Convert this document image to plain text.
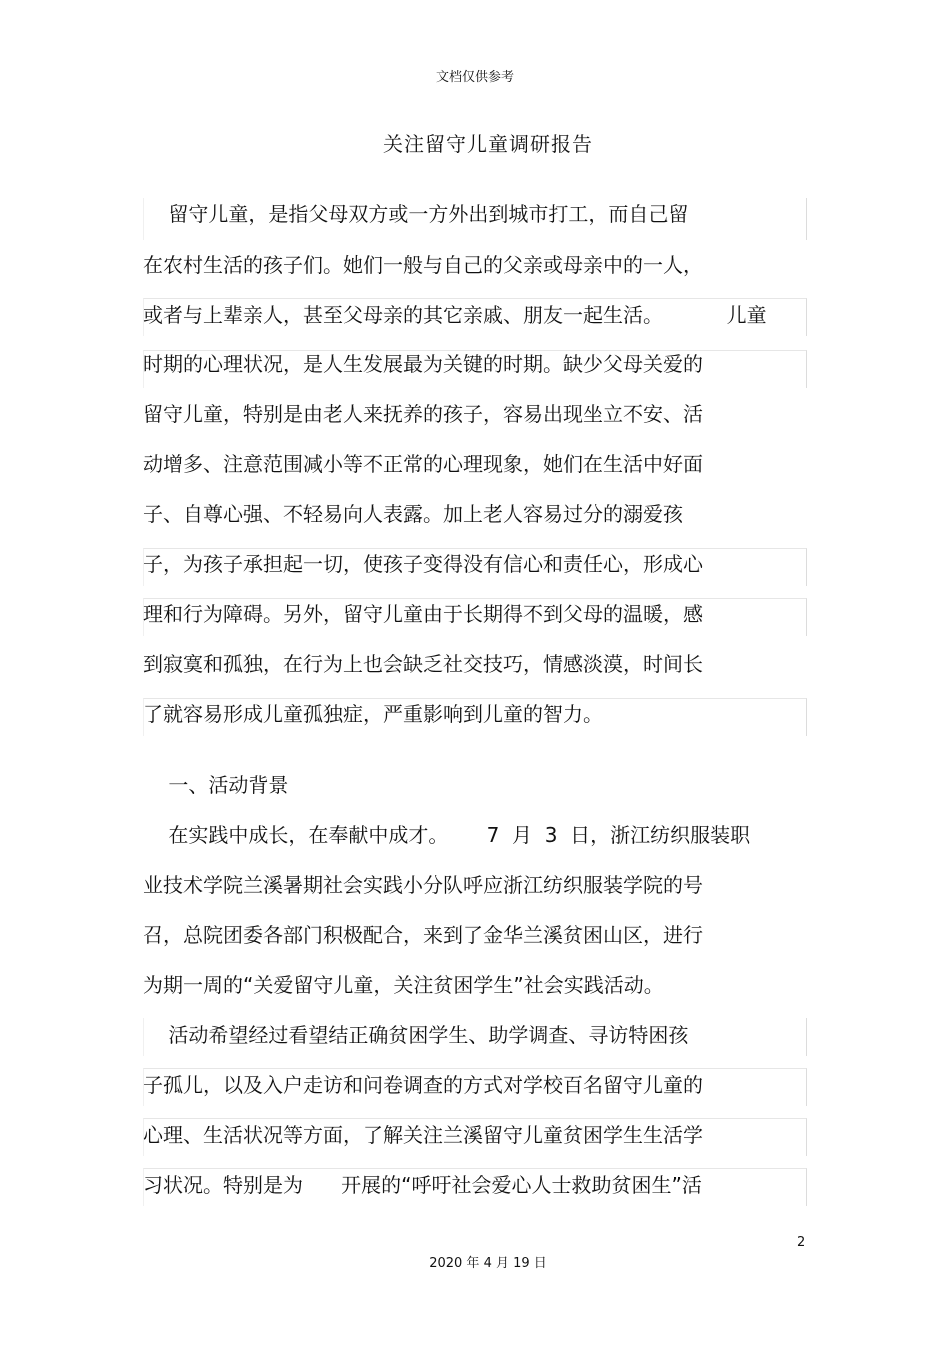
文档仅供参考
关注留守儿童调研报告
留守儿童，是指父母双方或一方外出到城市打工，而自己留
在农村生活的孩子们。她们一般与自己的父亲或母亲中的一人，
或者与上辈亲人，甚至父母亲的其它亲戚、朋友一起生活。          儿童
时期的心理状况，是人生发展最为关键的时期。缺少父母关爱的
留守儿童，特别是由老人来抚养的孩子，容易出现坐立不安、活
动增多、注意范围减小等不正常的心理现象，她们在生活中好面
子、自尊心强、不轻易向人表露。加上老人容易过分的溺爱孩
子，为孩子承担起一切，使孩子变得没有信心和责任心，形成心
理和行为障碍。另外，留守儿童由于长期得不到父母的温暖，感
到寂寞和孤独，在行为上也会缺乏社交技巧，情感淡漠，时间长
了就容易形成儿童孤独症，严重影响到儿童的智力。
一、活动背景
在实践中成长，在奉献中成才。      7  月  3  日，浙江纺织服装职
业技术学院兰溪暑期社会实践小分队呼应浙江纺织服装学院的号
召，总院团委各部门积极配合，来到了金华兰溪贫困山区，进行
为期一周的“关爱留守儿童，关注贫困学生”社会实践活动。
活动希望经过看望结正确贫困学生、助学调查、寻访特困孩
子孤儿，以及入户走访和问卷调查的方式对学校百名留守儿童的
心理、生活状况等方面，了解关注兰溪留守儿童贫困学生生活学
习状况。特别是为      开展的“呼吁社会爱心人士救助贫困生”活
2
2020 年 4 月 19 日
